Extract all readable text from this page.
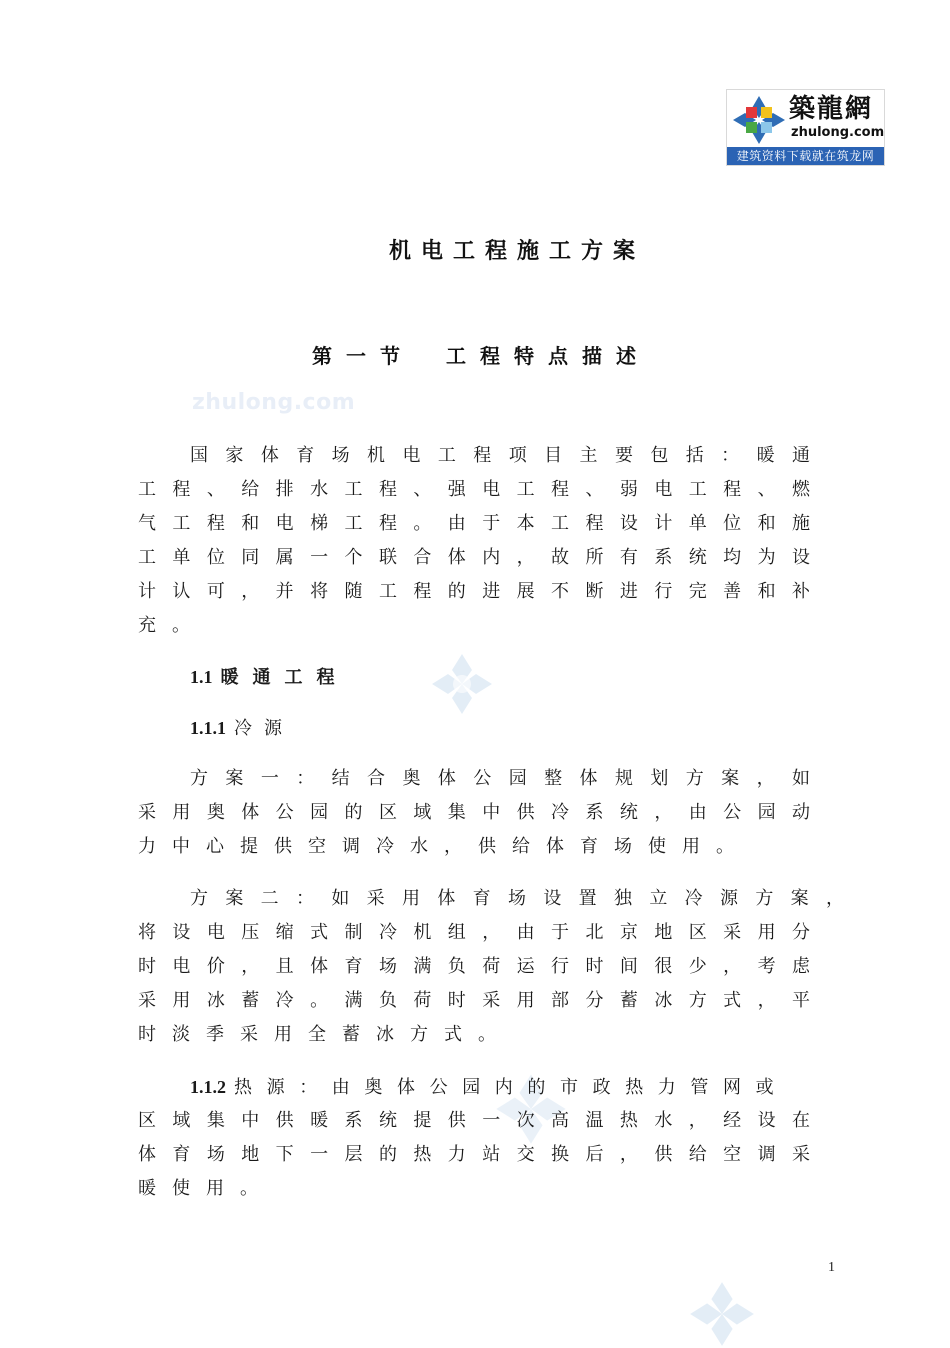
築龍網
zhulong.com
建筑资料下载就在筑龙网
zhulong.com
机电工程施工方案
第一节 工程特点描述
国家体育场机电工程项目主要包括：暖通
工程、给排水工程、强电工程、弱电工程、燃
气工程和电梯工程。由于本工程设计单位和施
工单位同属一个联合体内，故所有系统均为设
计认可，并将随工程的进展不断进行完善和补
充。
1.1 暖通工程
1.1.1 冷源
方案一：结合奥体公园整体规划方案，如
采用奥体公园的区域集中供冷系统，由公园动
力中心提供空调冷水，供给体育场使用。
方案二：如采用体育场设置独立冷源方案，
将设电压缩式制冷机组，由于北京地区采用分
时电价，且体育场满负荷运行时间很少，考虑
采用冰蓄冷。满负荷时采用部分蓄冰方式，平
时淡季采用全蓄冰方式。
1.1.2 热源：由奥体公园内的市政热力管网或
区域集中供暖系统提供一次高温热水，经设在
体育场地下一层的热力站交换后，供给空调采
暖使用。
1
